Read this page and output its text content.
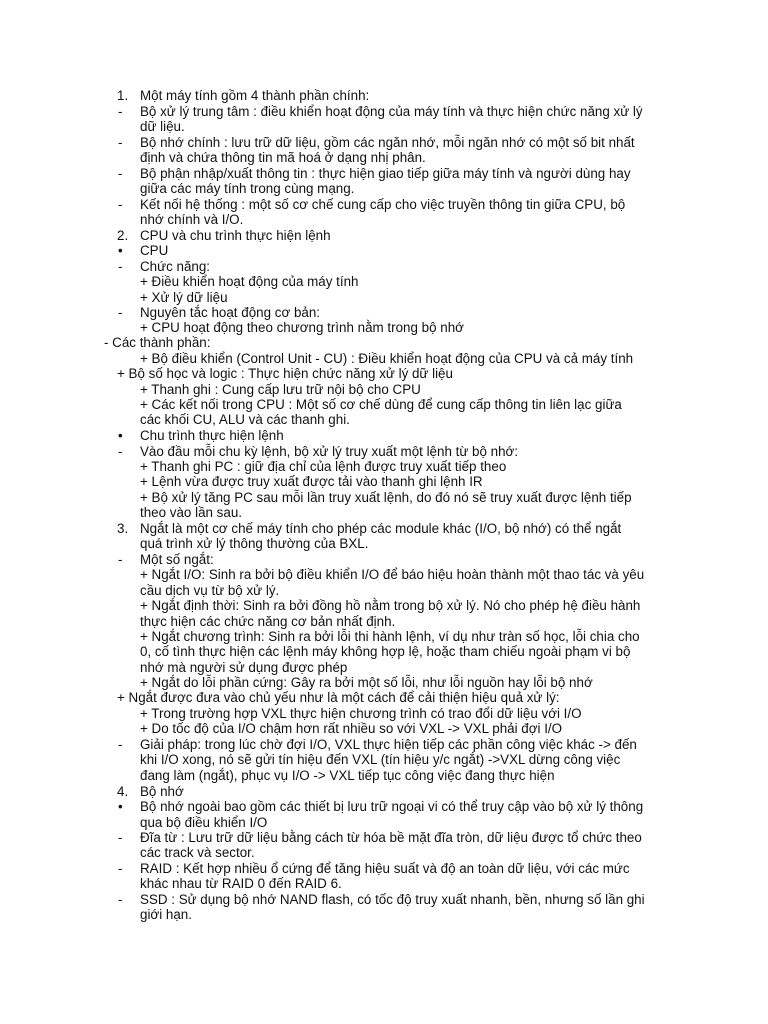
1. Một máy tính gồm 4 thành phần chính:
- Bộ xử lý trung tâm : điều khiển hoạt động của máy tính và thực hiện chức năng xử lý
dữ liệu.
- Bộ nhớ chính : lưu trữ dữ liệu, gồm các ngăn nhớ, mỗi ngăn nhớ có một số bit nhất
định và chứa thông tin mã hoá ở dạng nhị phân.
- Bộ phận nhập/xuất thông tin : thực hiện giao tiếp giữa máy tính và người dùng hay
giữa các máy tính trong cùng mạng.
- Kết nối hệ thống : một số cơ chế cung cấp cho việc truyền thông tin giữa CPU, bộ
nhớ chính và I/O.
2. CPU và chu trình thực hiện lệnh
• CPU
- Chức năng:
+ Điều khiển hoạt động của máy tính
+ Xử lý dữ liệu
- Nguyên tắc hoạt động cơ bản:
+ CPU hoạt động theo chương trình nằm trong bộ nhớ
- Các thành phần:
+ Bộ điều khiển (Control Unit - CU) : Điều khiển hoạt động của CPU và cả máy tính
+ Bộ số học và logic : Thực hiện chức năng xử lý dữ liệu
+ Thanh ghi : Cung cấp lưu trữ nội bộ cho CPU
+ Các kết nối trong CPU : Một số cơ chế dùng để cung cấp thông tin liên lạc giữa
các khối CU, ALU và các thanh ghi.
• Chu trình thực hiện lệnh
- Vào đầu mỗi chu kỳ lệnh, bộ xử lý truy xuất một lệnh từ bộ nhớ:
+ Thanh ghi PC : giữ địa chỉ của lệnh được truy xuất tiếp theo
+ Lệnh vừa được truy xuất được tải vào thanh ghi lệnh IR
+ Bộ xử lý tăng PC sau mỗi lần truy xuất lệnh, do đó nó sẽ truy xuất được lệnh tiếp
theo vào lần sau.
3. Ngắt là một cơ chế máy tính cho phép các module khác (I/O, bộ nhớ) có thể ngắt
quá trình xử lý thông thường của BXL.
- Một số ngắt:
+ Ngắt I/O: Sinh ra bởi bộ điều khiển I/O để báo hiệu hoàn thành một thao tác và yêu
cầu dịch vụ từ bộ xử lý.
+ Ngắt định thời: Sinh ra bởi đồng hồ nằm trong bộ xử lý. Nó cho phép hệ điều hành
thực hiện các chức năng cơ bản nhất định.
+ Ngắt chương trình: Sinh ra bởi lỗi thi hành lệnh, ví dụ như tràn số học, lỗi chia cho
0, cố tình thực hiện các lệnh máy không hợp lệ, hoặc tham chiếu ngoài phạm vi bộ
nhớ mà người sử dụng được phép
+ Ngắt do lỗi phần cứng: Gây ra bởi một số lỗi, như lỗi nguồn hay lỗi bộ nhớ
+ Ngắt được đưa vào chủ yếu như là một cách để cải thiện hiệu quả xử lý:
+ Trong trường hợp VXL thực hiện chương trình có trao đổi dữ liệu với I/O
+ Do tốc độ của I/O chậm hơn rất nhiều so với VXL -> VXL phải đợi I/O
- Giải pháp: trong lúc chờ đợi I/O, VXL thực hiện tiếp các phần công việc khác -> đến
khi I/O xong, nó sẽ gửi tín hiệu đến VXL (tín hiệu y/c ngắt) ->VXL dừng công việc
đang làm (ngắt), phục vụ I/O -> VXL tiếp tục công việc đang thực hiện
4. Bộ nhớ
• Bộ nhớ ngoài bao gồm các thiết bị lưu trữ ngoại vi có thể truy cập vào bộ xử lý thông
qua bộ điều khiển I/O
- Đĩa từ : Lưu trữ dữ liệu bằng cách từ hóa bề mặt đĩa tròn, dữ liệu được tổ chức theo
các track và sector.
- RAID : Kết hợp nhiều ổ cứng để tăng hiệu suất và độ an toàn dữ liệu, với các mức
khác nhau từ RAID 0 đến RAID 6.
- SSD : Sử dụng bộ nhớ NAND flash, có tốc độ truy xuất nhanh, bền, nhưng số lần ghi
giới hạn.
